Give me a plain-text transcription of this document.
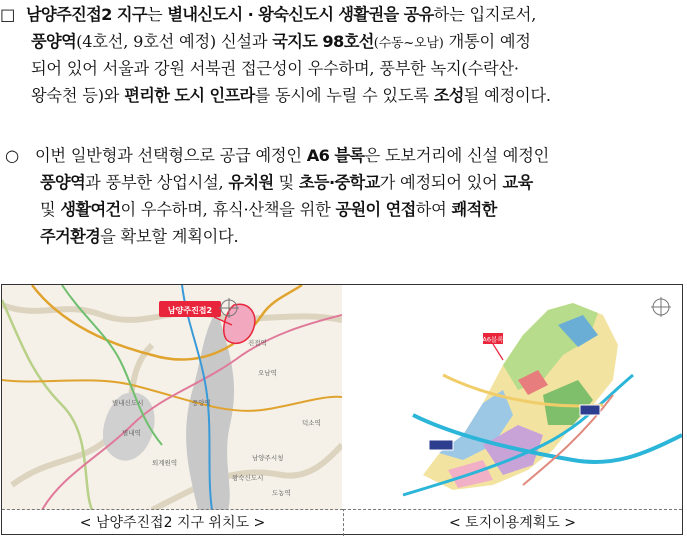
□ 남양주진접2 지구는 별내신도시 · 왕숙신도시 생활권을 공유하는 입지로서,
풍양역(4호선, 9호선 예정) 신설과 국지도 98호선(수동~오남) 개통이 예정
되어 있어 서울과 강원 서북권 접근성이 우수하며, 풍부한 녹지(수락산·
왕숙천 등)와 편리한 도시 인프라를 동시에 누릴 수 있도록 조성될 예정이다.
○ 이번 일반형과 선택형으로 공급 예정인 A6 블록은 도보거리에 신설 예정인
풍양역과 풍부한 상업시설, 유치원 및 초등·중학교가 예정되어 있어 교육
및 생활여건이 우수하며, 휴식·산책을 위한 공원이 연접하여 쾌적한
주거환경을 확보할 계획이다.
진접역
풍양역
오남역
별내역
퇴계원역
남양주시청
왕숙신도시
별내신도시
도농역
덕소역
남양주진접2
< 남양주진접2 지구 위치도 >
A6블록
< 토지이용계획도 >
